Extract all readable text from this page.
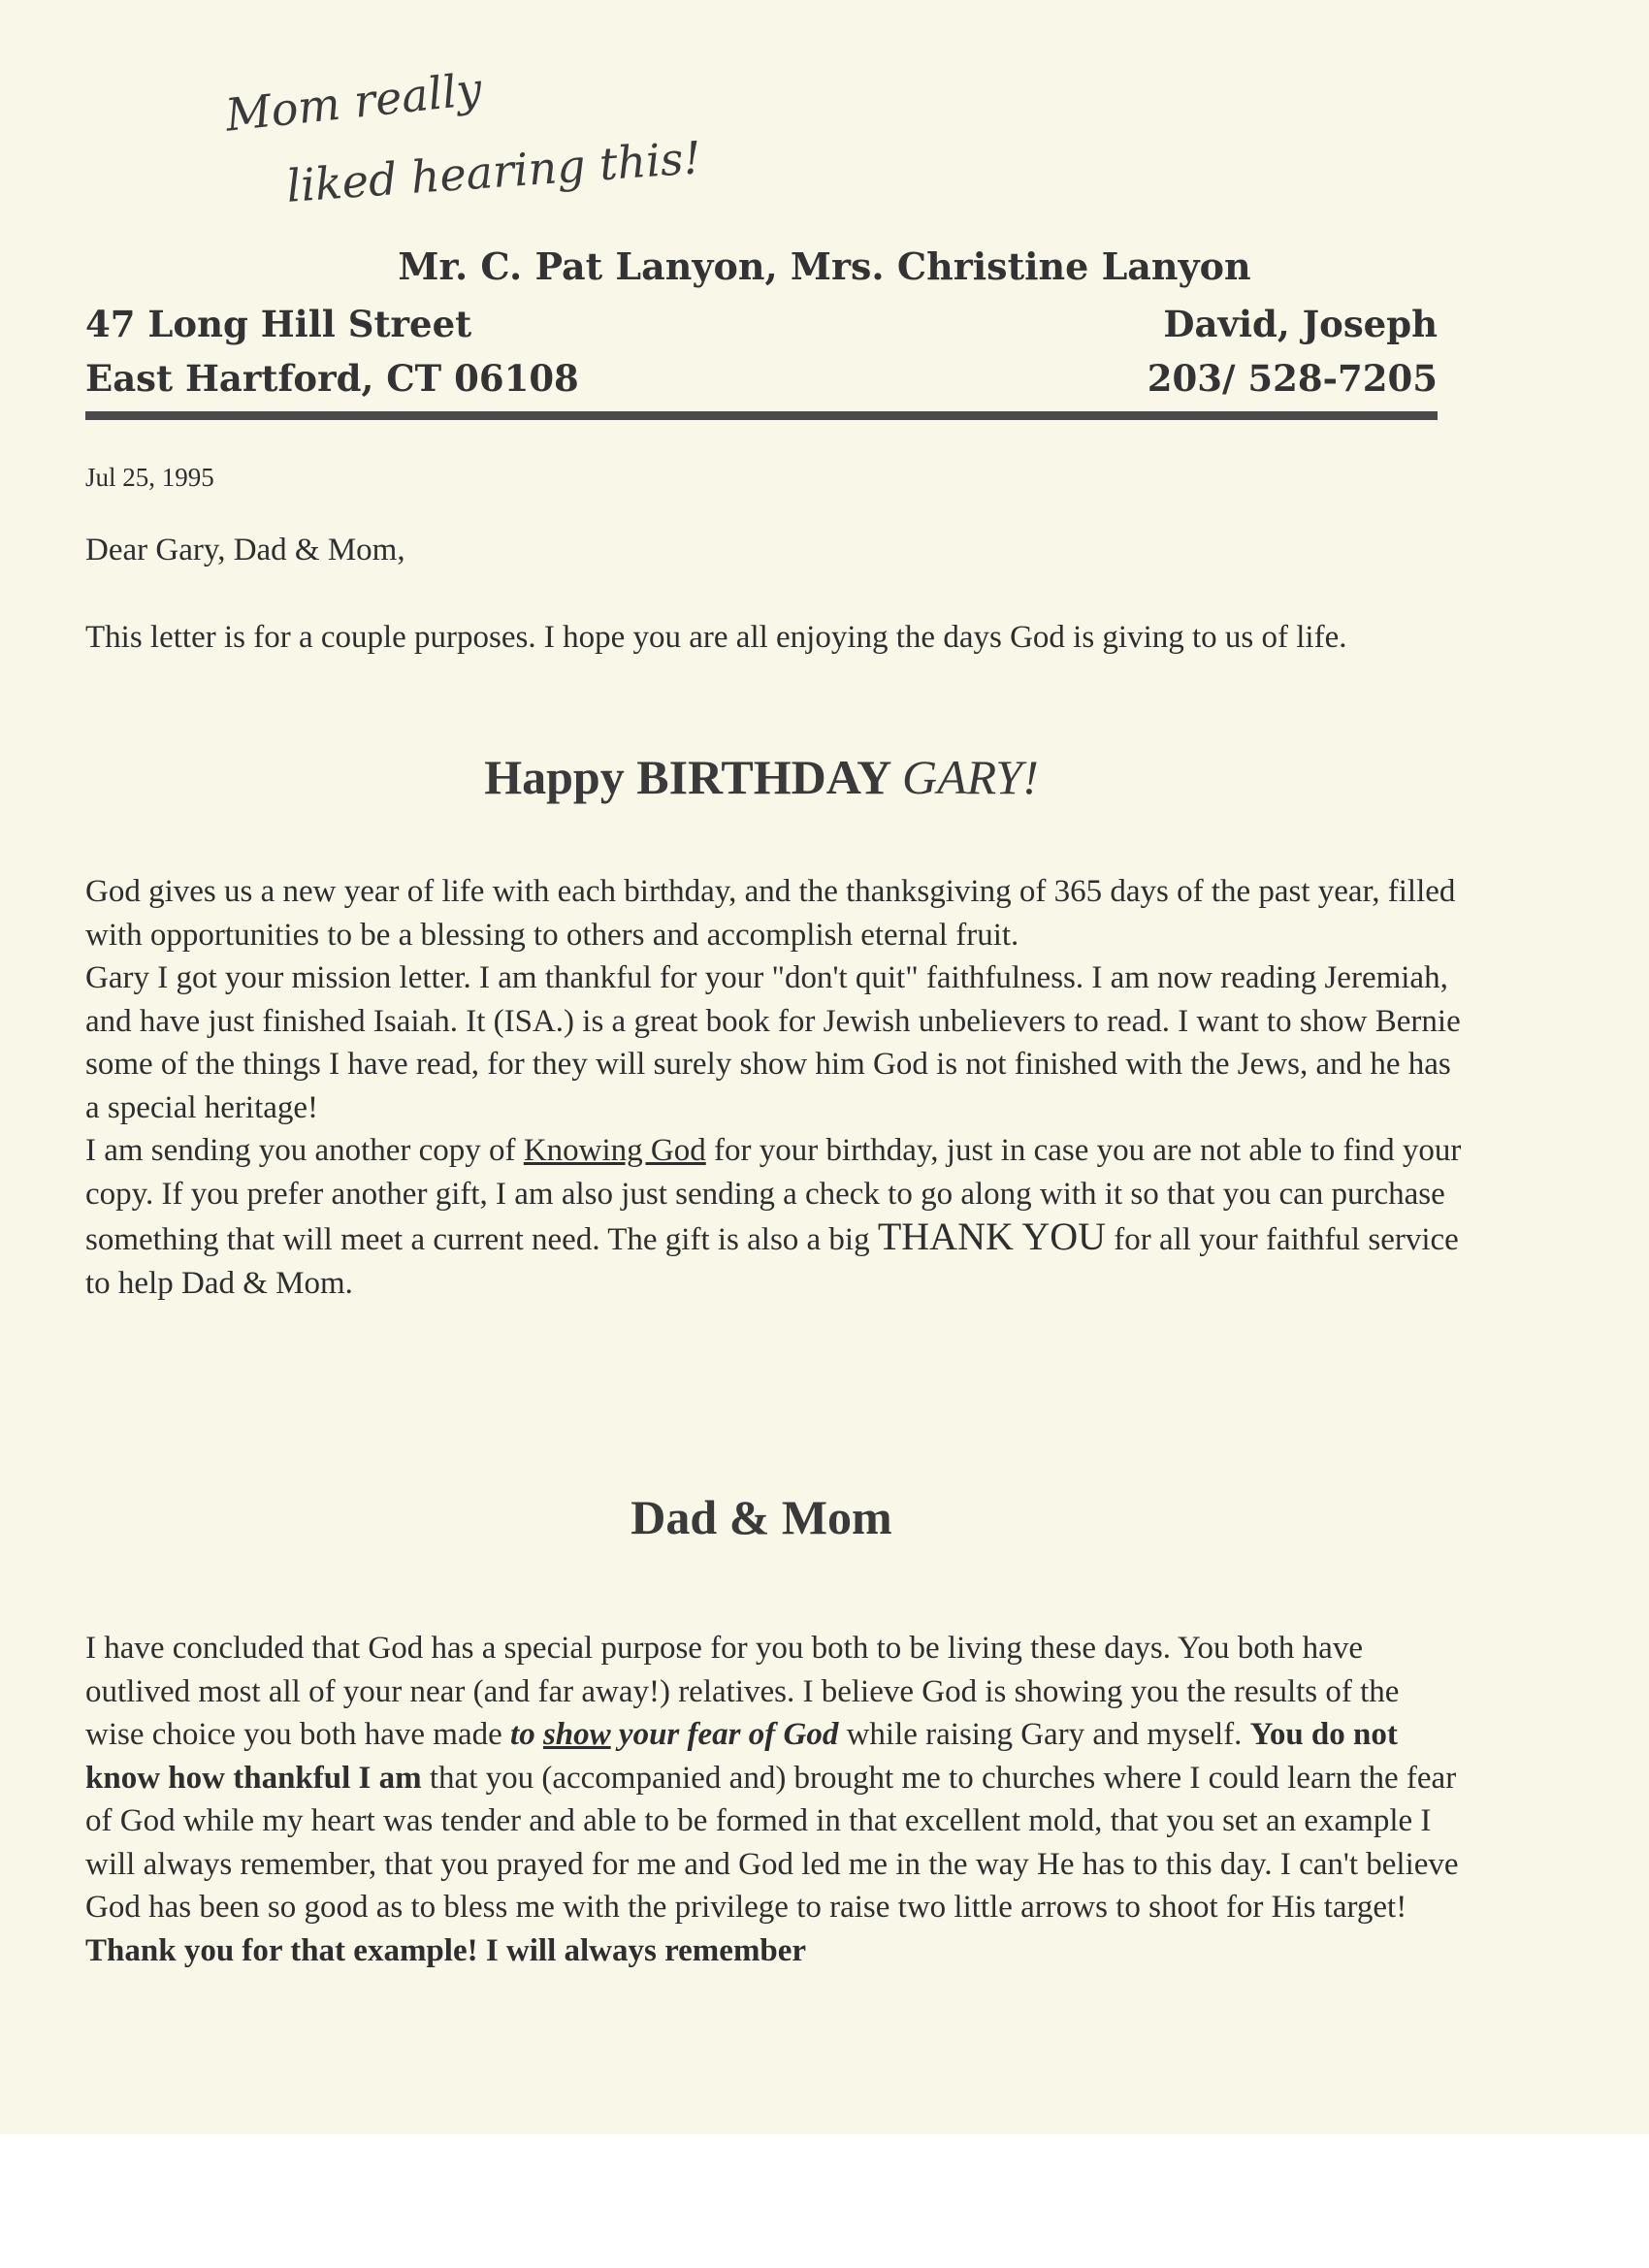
Mom really
liked hearing this!
Mr. C. Pat Lanyon, Mrs. Christine Lanyon
47 Long Hill Street	David, Joseph
East Hartford, CT 06108	203/ 528-7205
Jul 25, 1995
Dear Gary, Dad & Mom,
This letter is for a couple purposes. I hope you are all enjoying the days God is giving to us of life.
Happy BIRTHDAY GARY!
God gives us a new year of life with each birthday, and the thanksgiving of 365 days of the past year, filled with opportunities to be a blessing to others and accomplish eternal fruit.
Gary I got your mission letter. I am thankful for your "don't quit" faithfulness. I am now reading Jeremiah, and have just finished Isaiah. It (ISA.) is a great book for Jewish unbelievers to read. I want to show Bernie some of the things I have read, for they will surely show him God is not finished with the Jews, and he has a special heritage!
I am sending you another copy of Knowing God for your birthday, just in case you are not able to find your copy. If you prefer another gift, I am also just sending a check to go along with it so that you can purchase something that will meet a current need. The gift is also a big THANK YOU for all your faithful service to help Dad & Mom.
Dad & Mom
I have concluded that God has a special purpose for you both to be living these days. You both have outlived most all of your near (and far away!) relatives. I believe God is showing you the results of the wise choice you both have made to show your fear of God while raising Gary and myself. You do not know how thankful I am that you (accompanied and) brought me to churches where I could learn the fear of God while my heart was tender and able to be formed in that excellent mold, that you set an example I will always remember, that you prayed for me and God led me in the way He has to this day. I can't believe God has been so good as to bless me with the privilege to raise two little arrows to shoot for His target! Thank you for that example! I will always remember
